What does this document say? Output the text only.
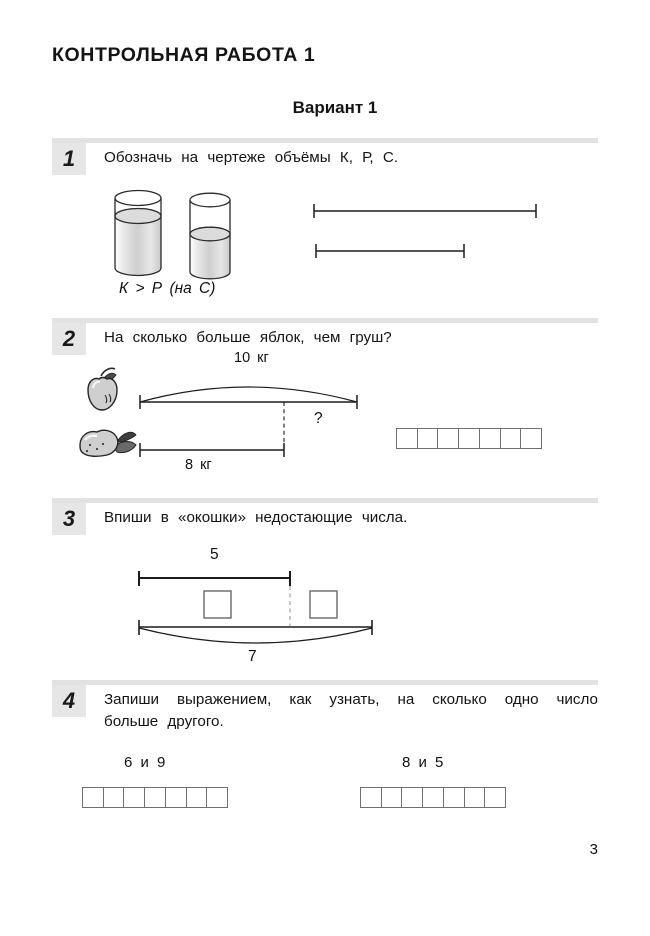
КОНТРОЛЬНАЯ РАБОТА 1
Вариант 1
1	Обозначь на чертеже объёмы К, Р, С.
К > Р (на С)
2	На сколько больше яблок, чем груш?
10 кг
8 кг
?
3	Впиши в «окошки» недостающие числа.
5
7
4	Запиши выражением, как узнать, на сколько одно число больше другого.
6 и 9	8 и 5
3
